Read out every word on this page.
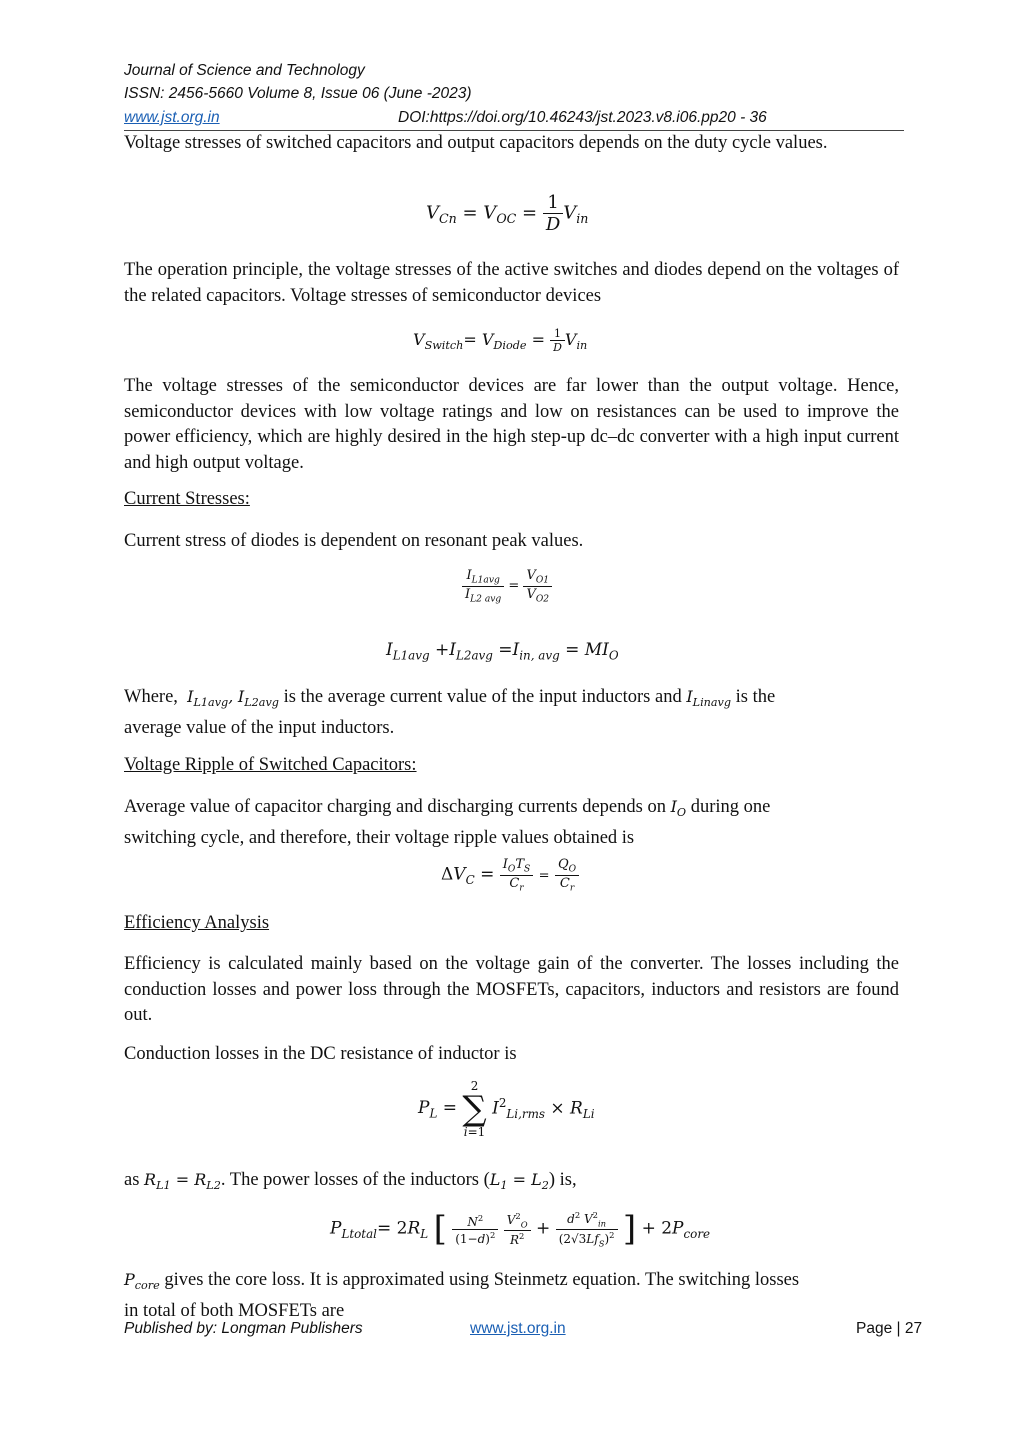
Journal of Science and Technology
ISSN: 2456-5660 Volume 8, Issue 06 (June -2023)
www.jst.org.in	DOI:https://doi.org/10.46243/jst.2023.v8.i06.pp20 - 36
Voltage stresses of switched capacitors and output capacitors depends on the duty cycle values.
$V_{Cn} = V_{OC} = \frac{1}{D} V_{in}$
The operation principle, the voltage stresses of the active switches and diodes depend on the voltages of the related capacitors. Voltage stresses of semiconductor devices
$V_{Switch}= V_{Diode} = \frac{1}{D} V_{in}$
The voltage stresses of the semiconductor devices are far lower than the output voltage. Hence, semiconductor devices with low voltage ratings and low on resistances can be used to improve the power efficiency, which are highly desired in the high step-up dc–dc converter with a high input current and high output voltage.
Current Stresses:
Current stress of diodes is dependent on resonant peak values.
$\frac{I_{L1avg}}{I_{L2 avg}} = \frac{V_{O1}}{V_{O2}}$
$I_{L1avg} +I_{L2avg} =I_{in, avg} = MI_O$
Where, $I_{L1avg}$, $I_{L2avg}$ is the average current value of the input inductors and $I_{Linavg}$ is the
average value of the input inductors.
Voltage Ripple of Switched Capacitors:
Average value of capacitor charging and discharging currents depends on $I_O$ during one
switching cycle, and therefore, their voltage ripple values obtained is
$\Delta V_C = \frac{I_OT_S}{C_r} = \frac{Q_O}{C_r}$
Efficiency Analysis
Efficiency is calculated mainly based on the voltage gain of the converter. The losses including the conduction losses and power loss through the MOSFETs, capacitors, inductors and resistors are found out.
Conduction losses in the DC resistance of inductor is
$P_L$ =
2
∑
i=1
$I^2_{Li,rms} \times R_{Li}$
as $R_{L1} = R_{L2}$. The power losses of the inductors $(L_1 = L_2)$ is,
$P_{Ltotal}= 2R_L$ [ $\frac{N^2}{(1-d)^2}$
$\frac{V^2_O}{R^2} + \frac{d^2 V^2_{in}}{(2√3Lf_S)^2}$ ] + $2P_{core}$
$P_{core}$ gives the core loss. It is approximated using Steinmetz equation. The switching losses
in total of both MOSFETs are
Published by: Longman Publishers	www.jst.org.in	Page | 27
